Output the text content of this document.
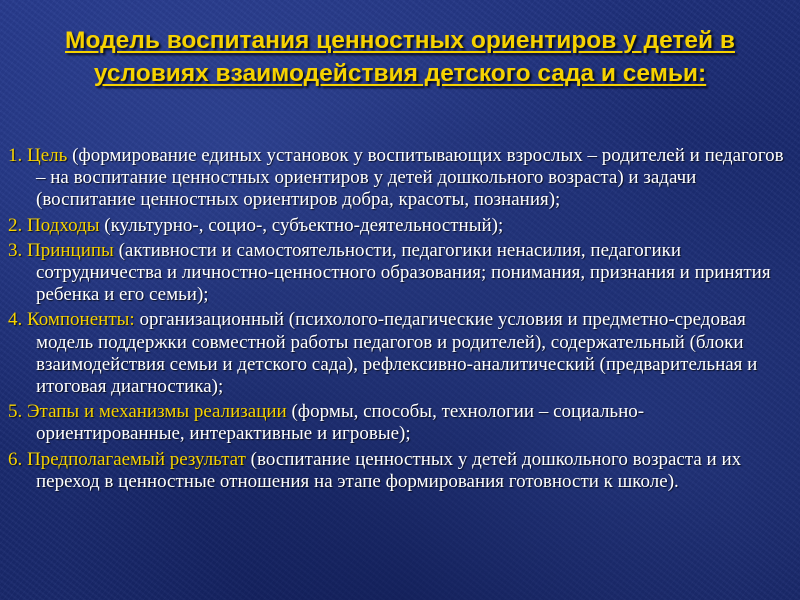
Модель воспитания ценностных ориентиров у детей в условиях взаимодействия детского сада и семьи:
1. Цель (формирование единых установок у воспитывающих взрослых – родителей и педагогов – на воспитание ценностных ориентиров у детей дошкольного возраста) и задачи (воспитание ценностных ориентиров добра, красоты, познания);
2. Подходы (культурно-, социо-, субъектно-деятельностный);
3. Принципы (активности и самостоятельности, педагогики ненасилия, педагогики сотрудничества и личностно-ценностного образования; понимания, признания и принятия ребенка и его семьи);
4. Компоненты: организационный (психолого-педагические условия и предметно-средовая модель поддержки совместной работы педагогов и родителей), содержательный (блоки взаимодействия семьи и детского сада), рефлексивно-аналитический (предварительная и итоговая диагностика);
5. Этапы и механизмы реализации (формы, способы, технологии – социально-ориентированные, интерактивные и игровые);
6. Предполагаемый результат (воспитание ценностных у детей дошкольного возраста и их переход в ценностные отношения на этапе формирования готовности к школе).
